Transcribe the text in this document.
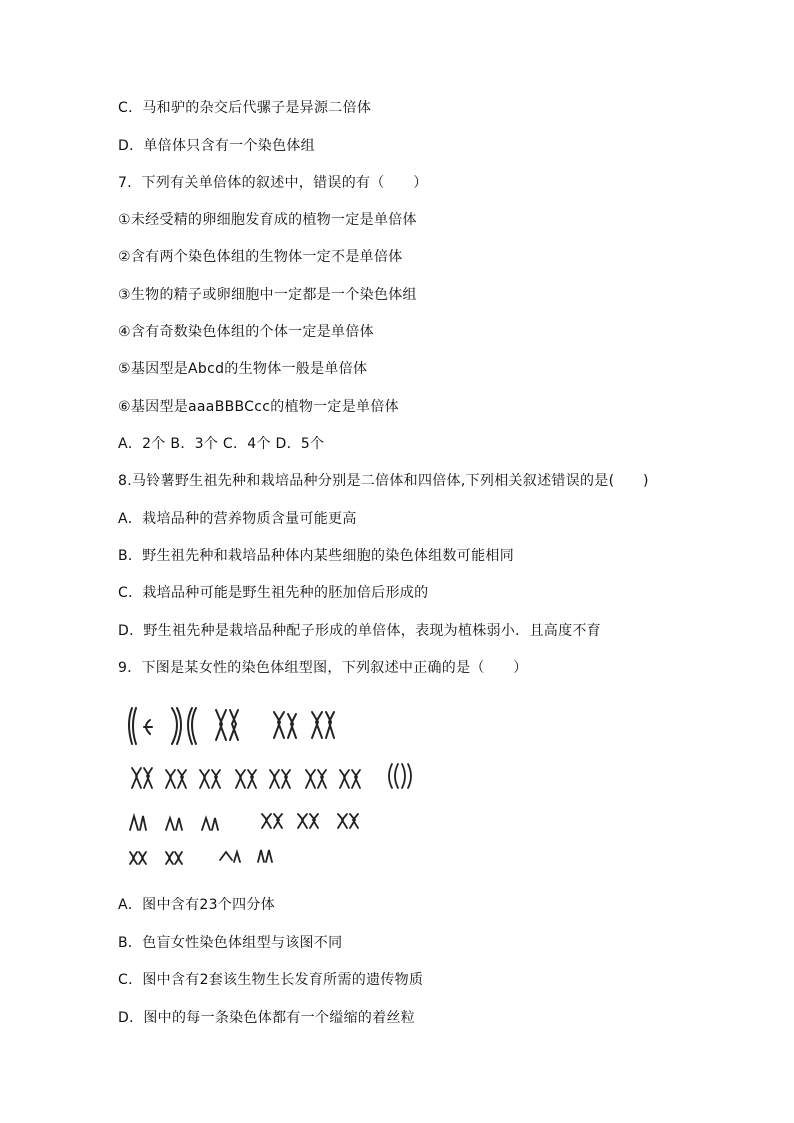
C．马和驴的杂交后代骡子是异源二倍体
D．单倍体只含有一个染色体组
7．下列有关单倍体的叙述中，错误的有（　　）
①未经受精的卵细胞发育成的植物一定是单倍体
②含有两个染色体组的生物体一定不是单倍体
③生物的精子或卵细胞中一定都是一个染色体组
④含有奇数染色体组的个体一定是单倍体
⑤基因型是Abcd的生物体一般是单倍体
⑥基因型是aaaBBBCcc的植物一定是单倍体
A．2个 B．3个 C．4个 D．5个
8.马铃薯野生祖先种和栽培品种分别是二倍体和四倍体,下列相关叙述错误的是(　　)
A．栽培品种的营养物质含量可能更高
B．野生祖先种和栽培品种体内某些细胞的染色体组数可能相同
C．栽培品种可能是野生祖先种的胚加倍后形成的
D．野生祖先种是栽培品种配子形成的单倍体，表现为植株弱小．且高度不育
9．下图是某女性的染色体组型图，下列叙述中正确的是（　　）
A．图中含有23个四分体
B．色盲女性染色体组型与该图不同
C．图中含有2套该生物生长发育所需的遗传物质
D．图中的每一条染色体都有一个缢缩的着丝粒
